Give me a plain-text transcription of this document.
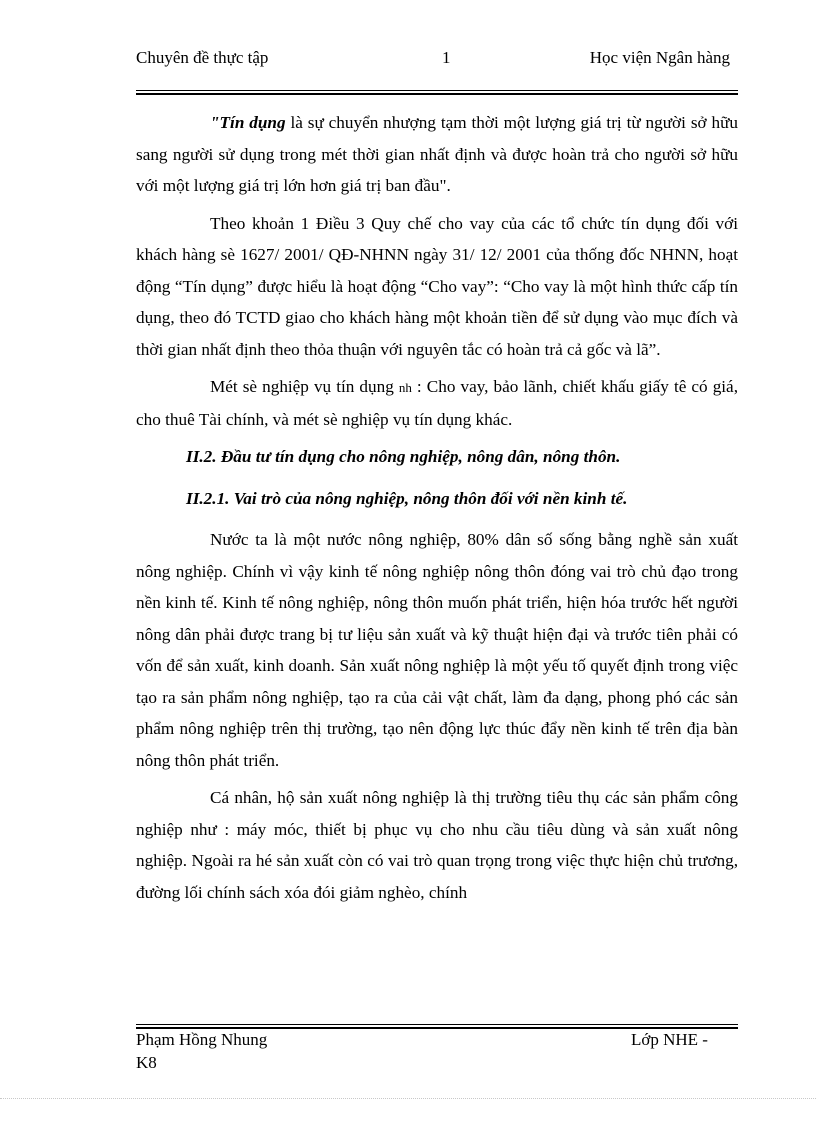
Chuyên đề thực tập	1	Học viện Ngân hàng

"Tín dụng là sự chuyển nhượng tạm thời một lượng giá trị từ người sở hữu sang người sử dụng trong mét thời gian nhất định và được hoàn trả cho người sở hữu với một lượng giá trị lớn hơn giá trị ban đầu".

Theo khoản 1 Điều 3 Quy chế cho vay của các tổ chức tín dụng đối với khách hàng sè 1627/ 2001/ QĐ-NHNN ngày 31/ 12/ 2001 của thống đốc NHNN, hoạt động “Tín dụng” được hiểu là hoạt động “Cho vay”: “Cho vay là một hình thức cấp tín dụng, theo đó TCTD giao cho khách hàng một khoản tiền để sử dụng vào mục đích và thời gian nhất định theo thỏa thuận với nguyên tắc có hoàn trả cả gốc và lã”.

Mét sè nghiệp vụ tín dụng nh : Cho vay, bảo lãnh, chiết khấu giấy tê có giá, cho thuê Tài chính, và mét sè nghiệp vụ tín dụng khác.

II.2. Đầu tư tín dụng cho nông nghiệp, nông dân, nông thôn.

II.2.1. Vai trò của nông nghiệp, nông thôn đối với nền kinh tế.

Nước ta là một nước nông nghiệp, 80% dân số sống bằng nghề sản xuất nông nghiệp. Chính vì vậy kinh tế nông nghiệp nông thôn đóng vai trò chủ đạo trong nền kinh tế. Kinh tế nông nghiệp, nông thôn muốn phát triển, hiện hóa trước hết người nông dân phải được trang bị tư liệu sản xuất và kỹ thuật hiện đại và trước tiên phải có vốn để sản xuất, kinh doanh. Sản xuất nông nghiệp là một yếu tố quyết định trong việc tạo ra sản phẩm nông nghiệp, tạo ra của cải vật chất, làm đa dạng, phong phó các sản phẩm nông nghiệp trên thị trường, tạo nên động lực thúc đẩy nền kinh tế trên địa bàn nông thôn phát triển.

Cá nhân, hộ sản xuất nông nghiệp là thị trường tiêu thụ các sản phẩm công nghiệp như : máy móc, thiết bị phục vụ cho nhu cầu tiêu dùng và sản xuất nông nghiệp. Ngoài ra hé sản xuất còn có vai trò quan trọng trong việc thực hiện chủ trương, đường lối chính sách xóa đói giảm nghèo, chính

Phạm Hồng Nhung	Lớp NHE -
K8
